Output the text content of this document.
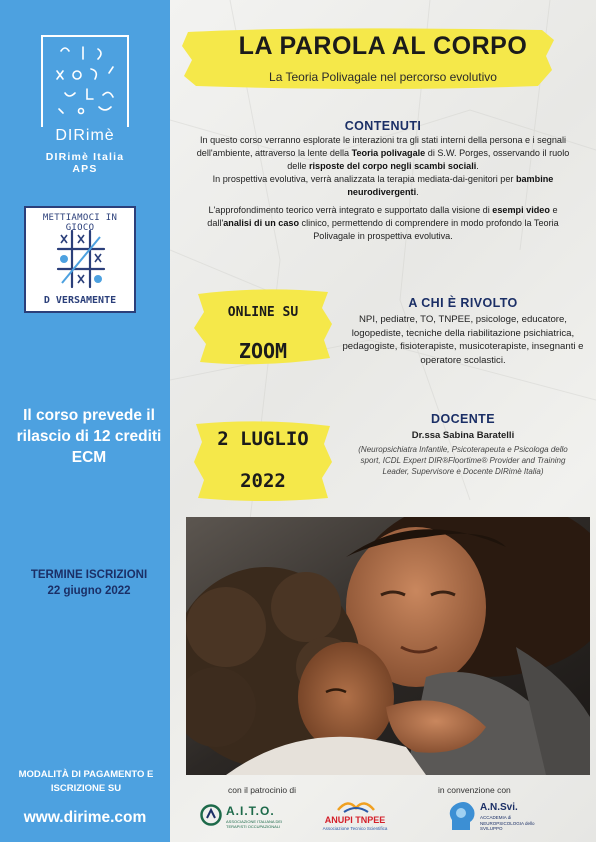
DIRimè
DIRimè Italia APS
METTIAMOCI IN GIOCO
D VERSAMENTE
Il corso prevede il rilascio di 12 crediti ECM
TERMINE ISCRIZIONI
22 giugno 2022
MODALITÀ DI PAGAMENTO E ISCRIZIONE SU
www.dirime.com
LA PAROLA AL CORPO
La Teoria Polivagale nel percorso evolutivo
CONTENUTI
In questo corso verranno esplorate le interazioni tra gli stati interni della persona e i segnali dell'ambiente, attraverso la lente della Teoria polivagale di S.W. Porges, osservando il ruolo delle risposte del corpo negli scambi sociali.
In prospettiva evolutiva, verrà analizzata la terapia mediata-dai-genitori per bambine neurodivergenti.
L'approfondimento teorico verrà integrato e supportato dalla visione di esempi video e dall'analisi di un caso clinico, permettendo di comprendere in modo profondo la Teoria Polivagale in prospettiva evolutiva.
ONLINE SU
ZOOM
A CHI È RIVOLTO
NPI, pediatre, TO, TNPEE, psicologe, educatore, logopediste, tecniche della riabilitazione psichiatrica, pedagogiste, fisioterapiste, musicoterapiste, insegnanti e operatore scolastici.
2 LUGLIO
2022
DOCENTE
Dr.ssa Sabina Baratelli
(Neuropsichiatra Infantile, Psicoterapeuta e Psicologa dello sport, ICDL Expert DIR®Floortime® Provider and Training Leader, Supervisore e Docente DIRimè Italia)
con il patrocinio di	in convenzione con
A.I.T.O.
ASSOCIAZIONE ITALIANA DEI TERAPISTI OCCUPAZIONALI
ANUPI TNPEE
Associazione Tecnico Scientifica
A.N.Svi.
ACCADEMIA di NEUROPSICOLOGIA dello SVILUPPO
